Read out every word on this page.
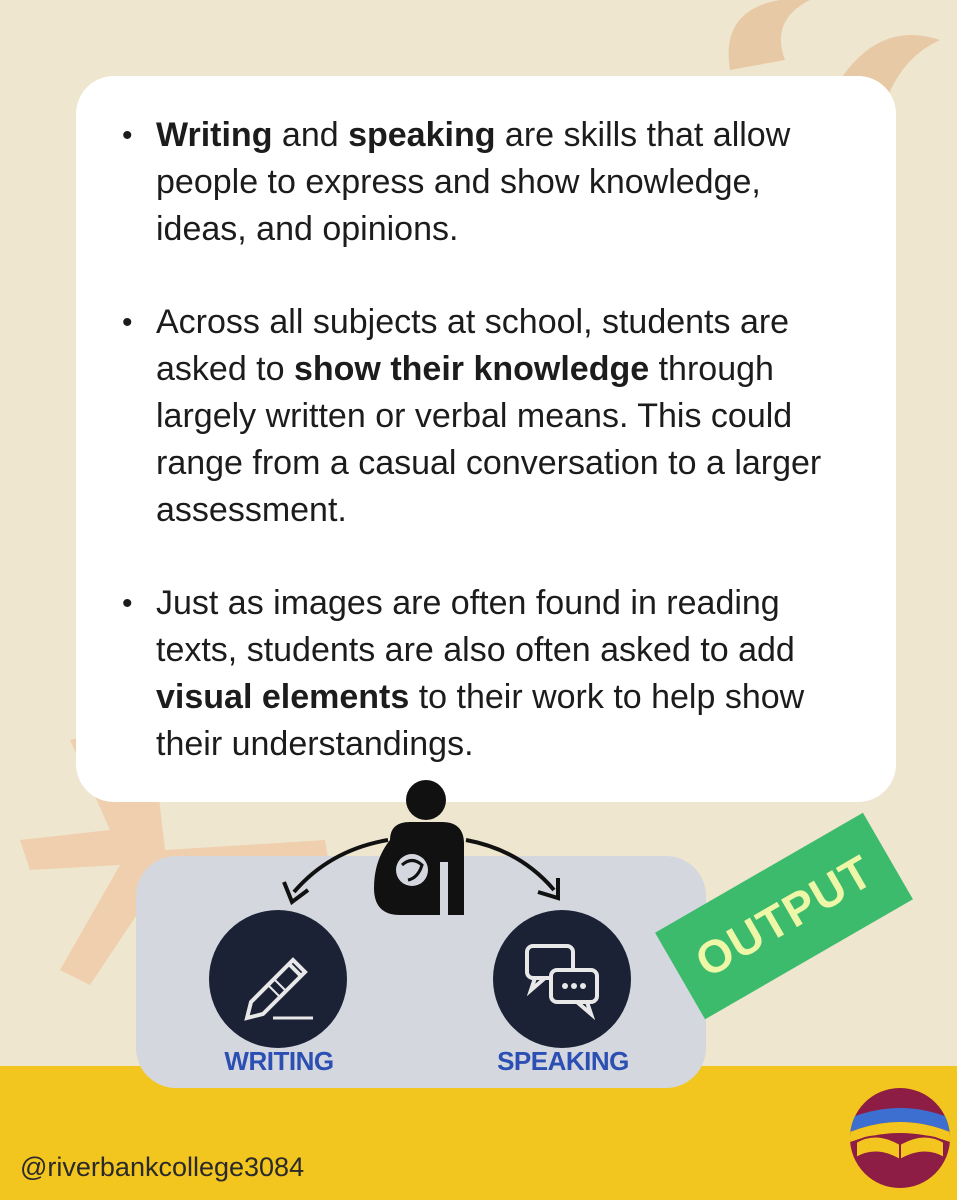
• Writing and speaking are skills that allow people to express and show knowledge, ideas, and opinions.
• Across all subjects at school, students are asked to show their knowledge through largely written or verbal means. This could range from a casual conversation to a larger assessment.
• Just as images are often found in reading texts, students are also often asked to add visual elements to their work to help show their understandings.
WRITING	SPEAKING
OUTPUT
@riverbankcollege3084
